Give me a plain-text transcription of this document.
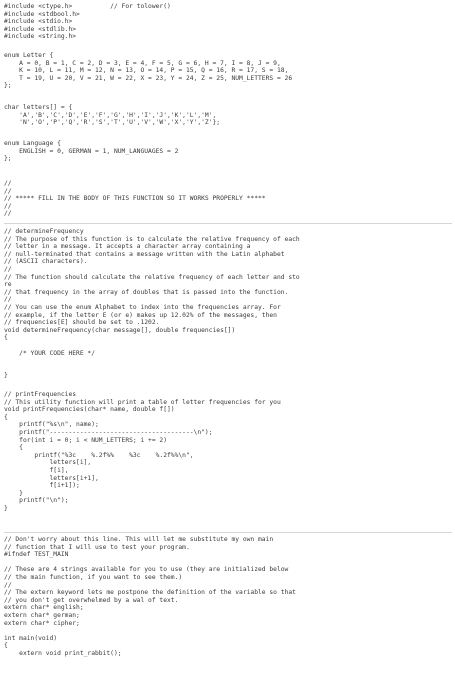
#include <ctype.h>          // For tolower()
#include <stdbool.h>
#include <stdio.h>
#include <stdlib.h>
#include <string.h>
enum Letter {
A = 0, B = 1, C = 2, D = 3, E = 4, F = 5, G = 6, H = 7, I = 8, J = 9,
K = 10, L = 11, M = 12, N = 13, O = 14, P = 15, Q = 16, R = 17, S = 18,
T = 19, U = 20, V = 21, W = 22, X = 23, Y = 24, Z = 25, NUM_LETTERS = 26
};
char letters[] = {
'A','B','C','D','E','F','G','H','I','J','K','L','M',
'N','O','P','Q','R','S','T','U','V','W','X','Y','Z'};
enum Language {
ENGLISH = 0, GERMAN = 1, NUM_LANGUAGES = 2
};
//
//
// ***** FILL IN THE BODY OF THIS FUNCTION SO IT WORKS PROPERLY *****
//
//
// determineFrequency
// The purpose of this function is to calculate the relative frequency of each
// letter in a message. It accepts a character array containing a
// null-terminated that contains a message written with the Latin alphabet
// (ASCII characters).
//
// The function should calculate the relative frequency of each letter and sto
re
// that frequency in the array of doubles that is passed into the function.
//
// You can use the enum Alphabet to index into the frequencies array. For
// example, if the letter E (or e) makes up 12.02% of the messages, then
// frequencies[E] should be set to .1202.
void determineFrequency(char message[], double frequencies[])
{
/* YOUR CODE HERE */
}
// printFrequencies
// This utility function will print a table of letter frequencies for you
void printFrequencies(char* name, double f[])
{
printf("%s\n", name);
printf("--------------------------------------\n");
for(int i = 0; i < NUM_LETTERS; i += 2)
{
printf("%3c    %.2f%%    %3c    %.2f%%\n",
letters[i],
f[i],
letters[i+1],
f[i+1]);
}
printf("\n");
}
// Don't worry about this line. This will let me substitute my own main
// function that I will use to test your program.
#ifndef TEST_MAIN
// These are 4 strings available for you to use (they are initialized below
// the main function, if you want to see them.)
//
// The extern keyword lets me postpone the definition of the variable so that
// you don't get overwhelmed by a wal of text.
extern char* english;
extern char* german;
extern char* cipher;
int main(void)
{
extern void print_rabbit();
